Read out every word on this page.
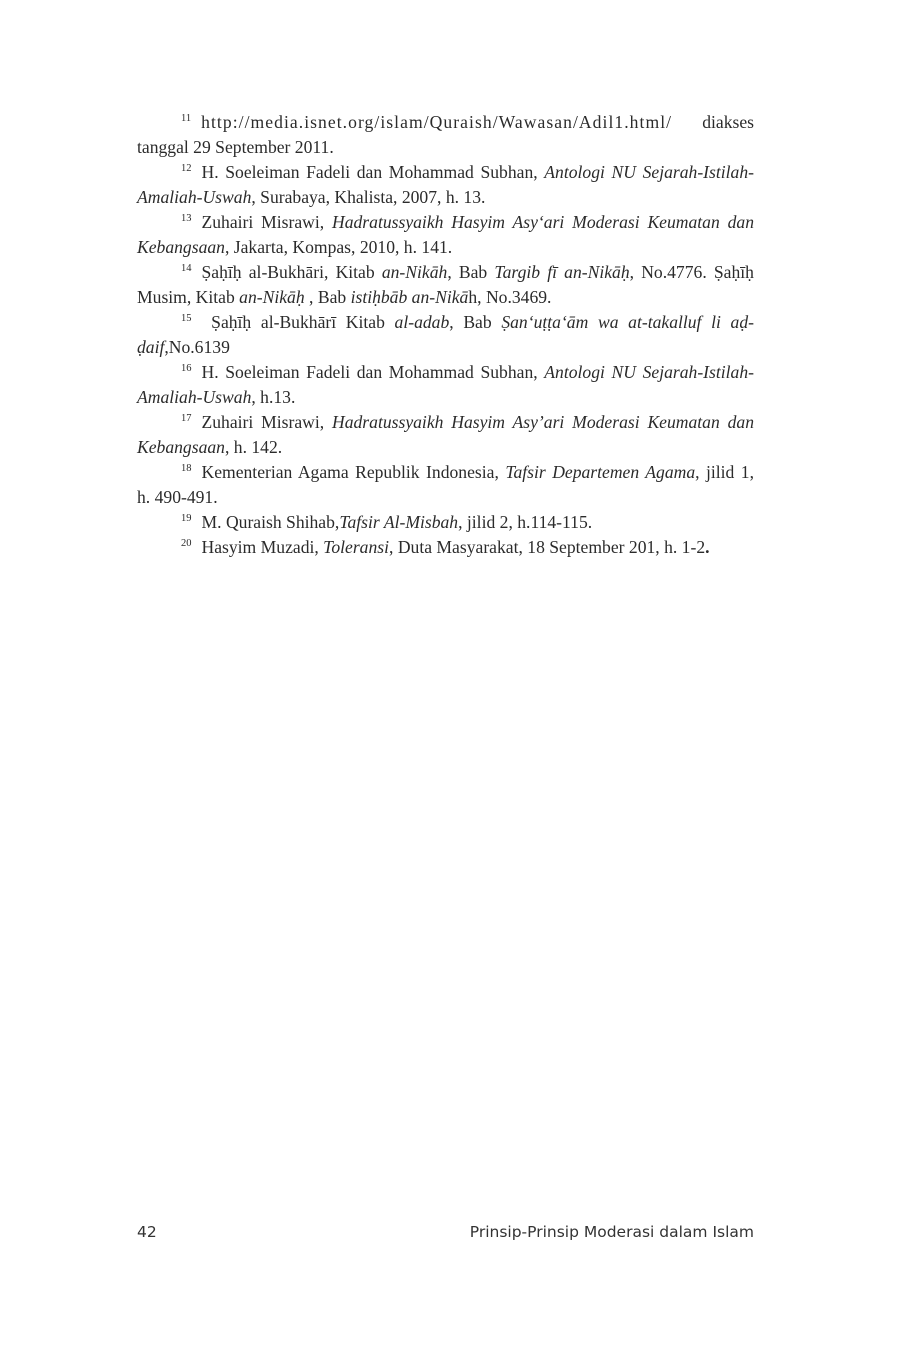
$^{11}$ http://media.isnet.org/islam/Quraish/Wawasan/Adil1.html/ diakses tanggal 29 September 2011.

$^{12}$ H. Soeleiman Fadeli dan Mohammad Subhan, Antologi NU Sejarah-Istilah-Amaliah-Uswah, Surabaya, Khalista, 2007, h. 13.

$^{13}$ Zuhairi Misrawi, Hadratussyaikh Hasyim Asy‘ari Moderasi Keumatan dan Kebangsaan, Jakarta, Kompas, 2010, h. 141.

$^{14}$ Ṣaḥīḥ al-Bukhāri, Kitab an-Nikāh, Bab Targib fī an-Nikāḥ, No.4776. Ṣaḥīḥ Musim, Kitab an-Nikāḥ , Bab istiḥbāb an-Nikāh, No.3469.

$^{15}$ Ṣaḥīḥ al-Bukhārī Kitab al-adab, Bab Ṣan‘uṭṭa‘ām wa at-takalluf li aḍ-ḍaif,No.6139

$^{16}$ H. Soeleiman Fadeli dan Mohammad Subhan, Antologi NU Sejarah-Istilah-Amaliah-Uswah, h.13.

$^{17}$ Zuhairi Misrawi, Hadratussyaikh Hasyim Asy’ari Moderasi Keumatan dan Kebangsaan, h. 142.

$^{18}$ Kementerian Agama Republik Indonesia, Tafsir Departemen Agama, jilid 1, h. 490-491.

$^{19}$ M. Quraish Shihab,Tafsir Al-Misbah, jilid 2, h.114-115.

$^{20}$ Hasyim Muzadi, Toleransi, Duta Masyarakat, 18 September 201, h. 1-2.

42	Prinsip-Prinsip Moderasi dalam Islam
